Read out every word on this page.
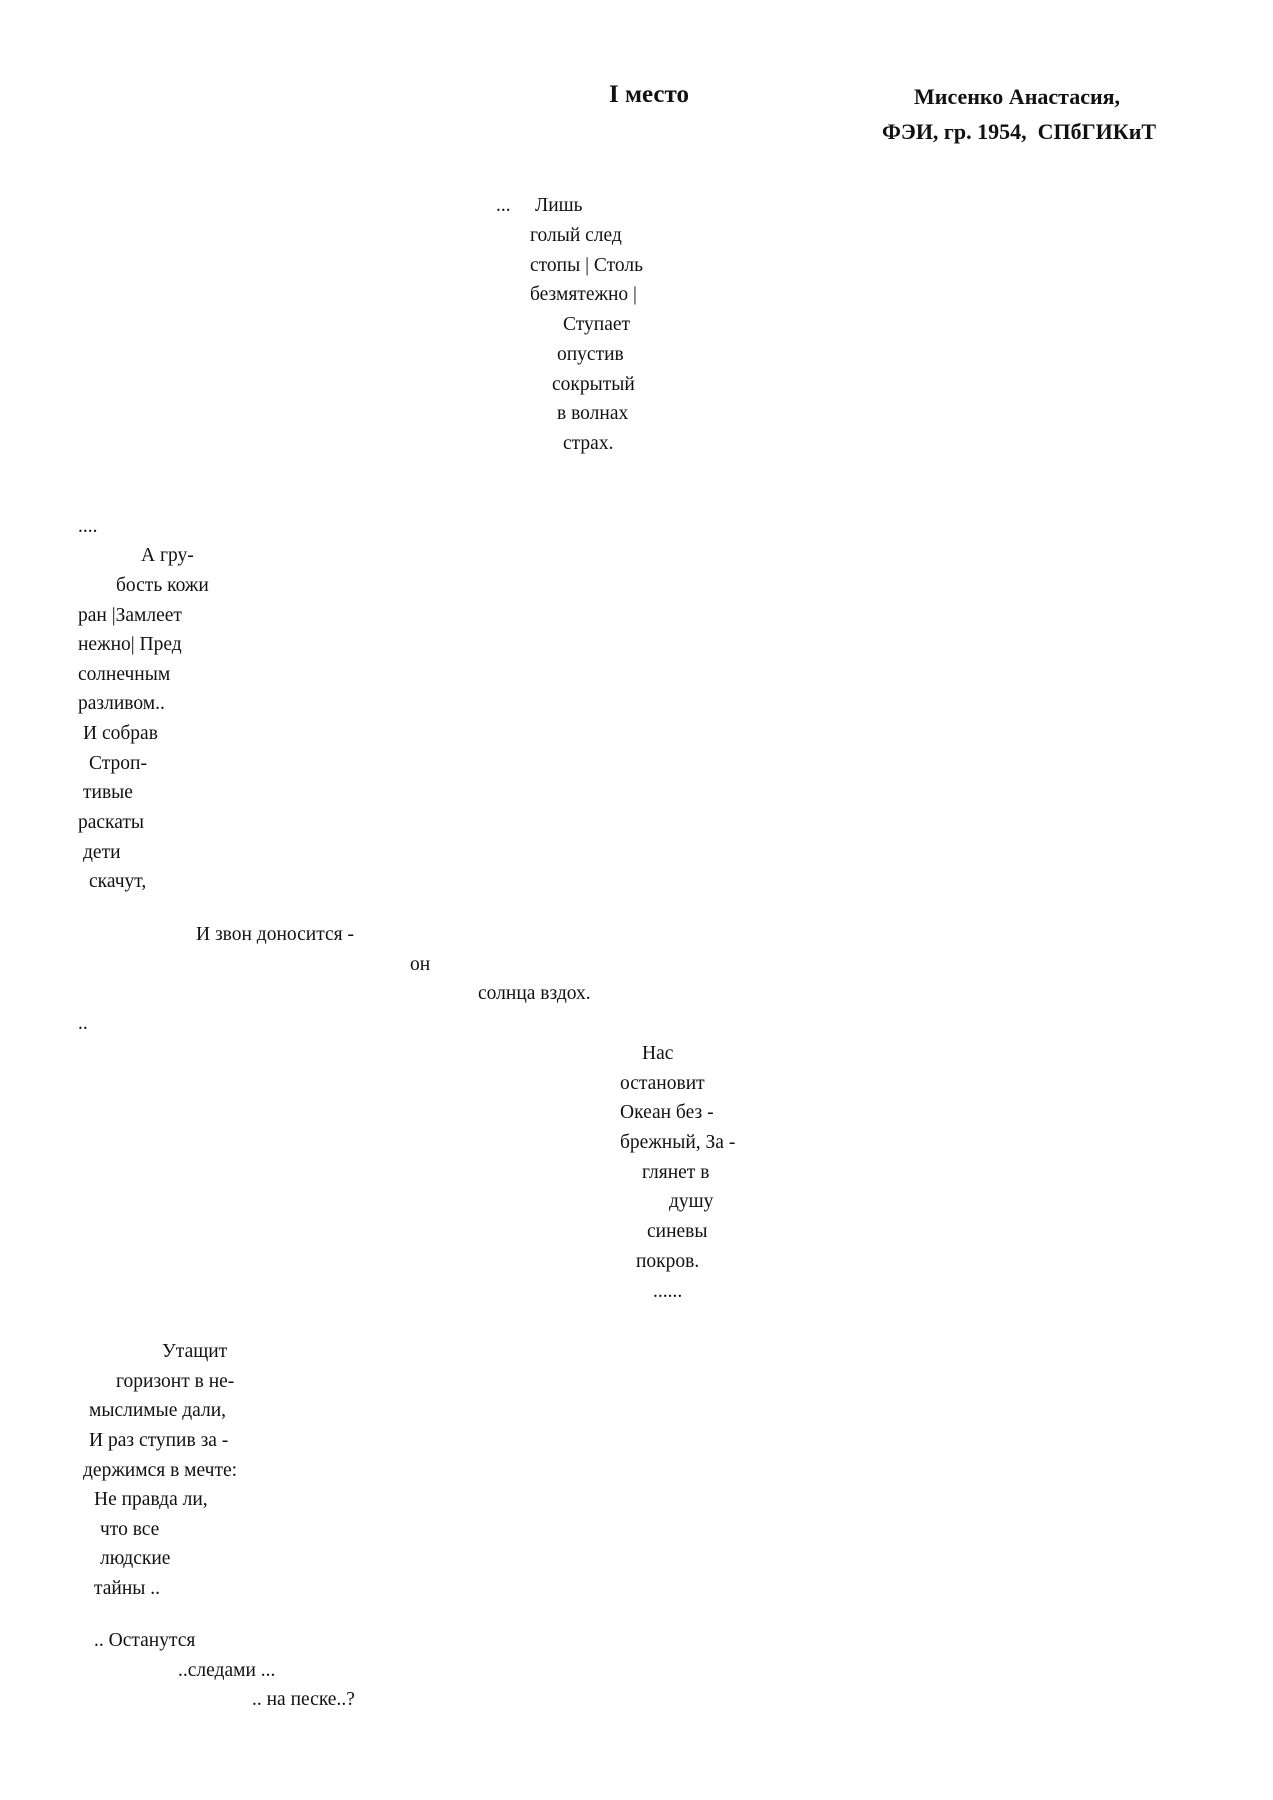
I место	Мисенко Анастасия,
ФЭИ, гр. 1954,  СПбГИКиТ
...     Лишь
голый след
стопы | Столь
безмятежно |
Ступает
опустив
сокрытый
в волнах
страх.
....
А гру-
бость кожи
ран |Замлеет
нежно| Пред
солнечным
разливом..
И собрав
Строп-
тивые
раскаты
дети
скачут,
И звон доносится -
он
солнца вздох.
..
Нас
остановит
Океан без -
брежный, За -
глянет в
душу
синевы
покров.
......
Утащит
горизонт в не-
мыслимые дали,
И раз ступив за -
держимся в мечте:
Не правда ли,
что все
людские
тайны ..
.. Останутся
..следами ...
.. на песке..?
